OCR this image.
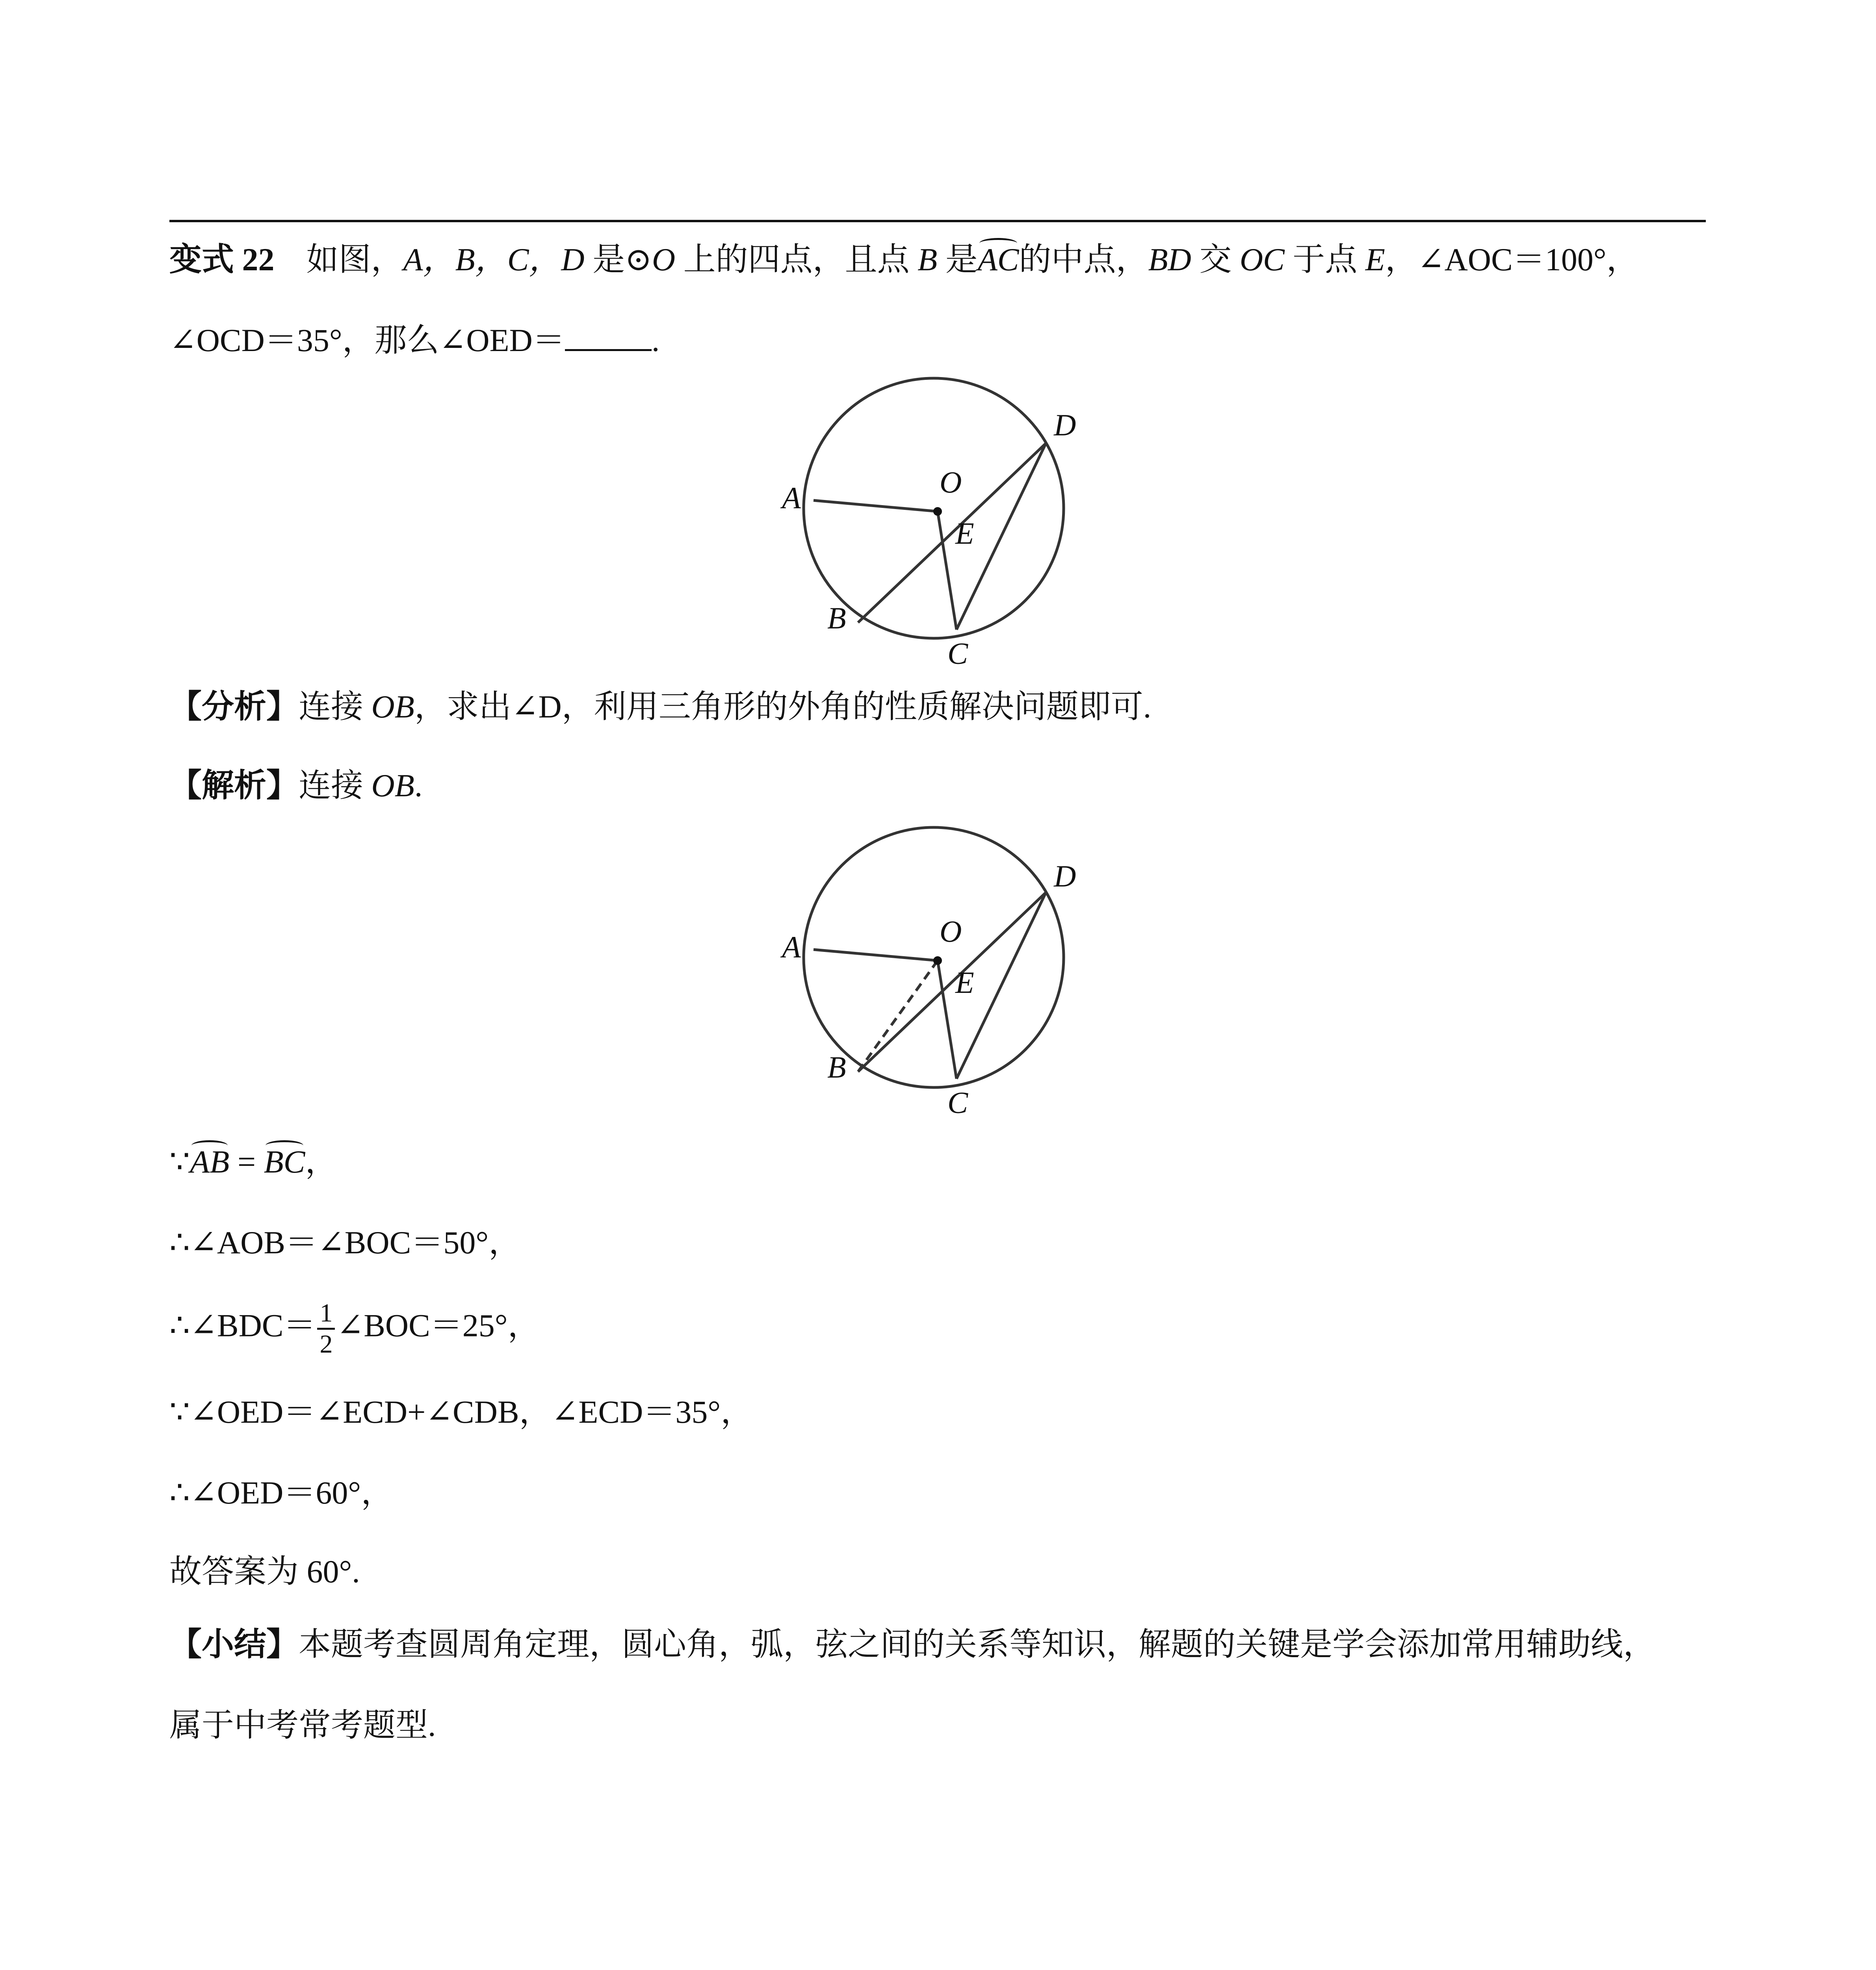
变式 22 如图，A，B，C，D 是⊙O 上的四点，且点 B 是AC的中点，BD 交 OC 于点 E，∠AOC＝100°，
∠OCD＝35°，那么∠OED＝	.
A
B
C
D
O
E
【分析】连接 OB，求出∠D，利用三角形的外角的性质解决问题即可.
【解析】连接 OB.
A
B
C
D
O
E
∵AB = BC，
∴∠AOB＝∠BOC＝50°，
∴∠BDC＝ $\frac{1}{2}$ ∠BOC＝25°，
∵∠OED＝∠ECD+∠CDB，∠ECD＝35°，
∴∠OED＝60°，
故答案为 60°.
【小结】本题考查圆周角定理，圆心角，弧，弦之间的关系等知识，解题的关键是学会添加常用辅助线，
属于中考常考题型.
